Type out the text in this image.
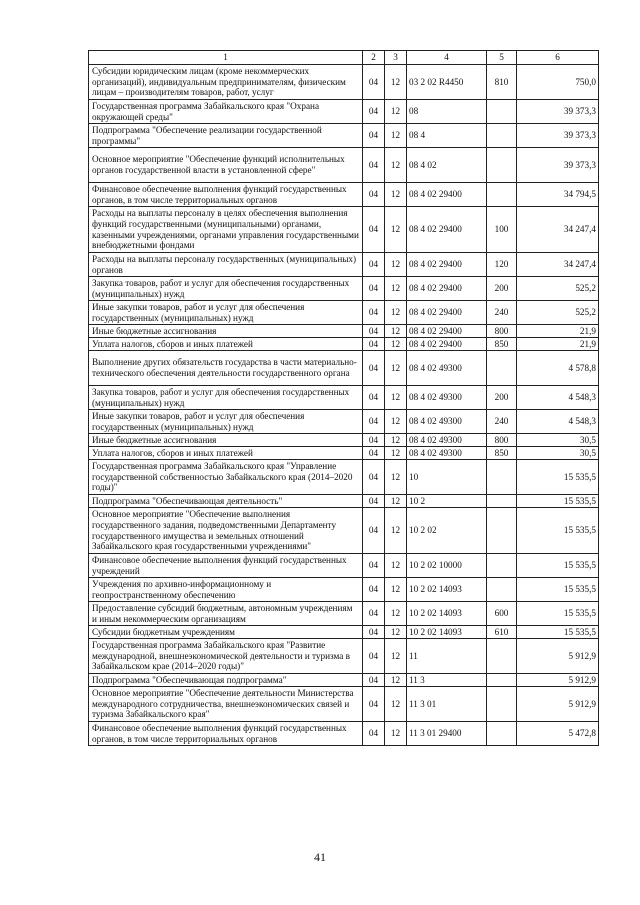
1	2	3	4	5	6
Субсидии юридическим лицам (кроме некоммерческих организаций), индивидуальным предпринимателям, физическим лицам – производителям товаров, работ, услуг	04	12	03 2 02 R4450	810	750,0
Государственная программа Забайкальского края "Охрана окружающей среды"	04	12	08		39 373,3
Подпрограмма "Обеспечение реализации государственной программы"	04	12	08 4		39 373,3
Основное мероприятие "Обеспечение функций исполнительных органов государственной власти в установленной сфере"	04	12	08 4 02		39 373,3
Финансовое обеспечение выполнения функций государственных органов, в том числе территориальных органов	04	12	08 4 02 29400		34 794,5
Расходы на выплаты персоналу в целях обеспечения выполнения функций государственными (муниципальными) органами, казенными учреждениями, органами управления государственными внебюджетными фондами	04	12	08 4 02 29400	100	34 247,4
Расходы на выплаты персоналу государственных (муниципальных) органов	04	12	08 4 02 29400	120	34 247,4
Закупка товаров, работ и услуг для обеспечения государственных (муниципальных) нужд	04	12	08 4 02 29400	200	525,2
Иные закупки товаров, работ и услуг для обеспечения государственных (муниципальных) нужд	04	12	08 4 02 29400	240	525,2
Иные бюджетные ассигнования	04	12	08 4 02 29400	800	21,9
Уплата налогов, сборов и иных платежей	04	12	08 4 02 29400	850	21,9
Выполнение других обязательств государства в части материально-технического обеспечения деятельности государственного органа	04	12	08 4 02 49300		4 578,8
Закупка товаров, работ и услуг для обеспечения государственных (муниципальных) нужд	04	12	08 4 02 49300	200	4 548,3
Иные закупки товаров, работ и услуг для обеспечения государственных (муниципальных) нужд	04	12	08 4 02 49300	240	4 548,3
Иные бюджетные ассигнования	04	12	08 4 02 49300	800	30,5
Уплата налогов, сборов и иных платежей	04	12	08 4 02 49300	850	30,5
Государственная программа Забайкальского края "Управление государственной собственностью Забайкальского края (2014–2020 годы)"	04	12	10		15 535,5
Подпрограмма "Обеспечивающая деятельность"	04	12	10 2		15 535,5
Основное мероприятие "Обеспечение выполнения государственного задания, подведомственными Департаменту государственного имущества и земельных отношений Забайкальского края государственными учреждениями"	04	12	10 2 02		15 535,5
Финансовое обеспечение выполнения функций государственных учреждений	04	12	10 2 02 10000		15 535,5
Учреждения по архивно-информационному и геопространственному обеспечению	04	12	10 2 02 14093		15 535,5
Предоставление субсидий бюджетным, автономным учреждениям и иным некоммерческим организациям	04	12	10 2 02 14093	600	15 535,5
Субсидии бюджетным учреждениям	04	12	10 2 02 14093	610	15 535,5
Государственная программа Забайкальского края "Развитие международной, внешнеэкономической деятельности и туризма в Забайкальском крае (2014–2020 годы)"	04	12	11		5 912,9
Подпрограмма "Обеспечивающая подпрограмма"	04	12	11 3		5 912,9
Основное мероприятие "Обеспечение деятельности Министерства международного сотрудничества, внешнеэкономических связей и туризма Забайкальского края"	04	12	11 3 01		5 912,9
Финансовое обеспечение выполнения функций государственных органов, в том числе территориальных органов	04	12	11 3 01 29400		5 472,8
41
